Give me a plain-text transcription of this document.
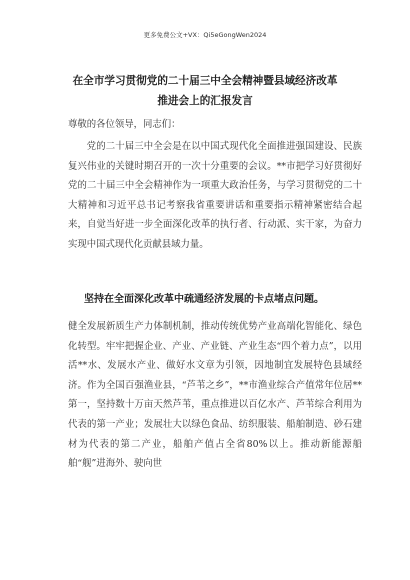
更多免费公文+VX：Qi5eGongWen2024
在全市学习贯彻党的二十届三中全会精神暨县域经济改革
推进会上的汇报发言
尊敬的各位领导，同志们：

党的二十届三中全会是在以中国式现代化全面推进强国建设、民族复兴伟业的关键时期召开的一次十分重要的会议。**市把学习好贯彻好党的二十届三中全会精神作为一项重大政治任务，与学习贯彻党的二十大精神和习近平总书记考察我省重要讲话和重要指示精神紧密结合起来，自觉当好进一步全面深化改革的执行者、行动派、实干家，为奋力实现中国式现代化贡献县域力量。

坚持在全面深化改革中疏通经济发展的卡点堵点问题。

健全发展新质生产力体制机制，推动传统优势产业高端化智能化、绿色化转型。牢牢把握企业、产业、产业链、产业生态“四个着力点”，以用活**水、发展水产业、做好水文章为引领，因地制宜发展特色县域经济。作为全国百强渔业县，“芦苇之乡”，**市渔业综合产值常年位居**第一，坚持数十万亩天然芦苇，重点推进以百亿水产、芦苇综合利用为代表的第一产业；发展壮大以绿色食品、纺织服装、船舶制造、砂石建材为代表的第二产业，船舶产值占全省80%以上。推动新能源船舶“舰”进海外、驶向世
